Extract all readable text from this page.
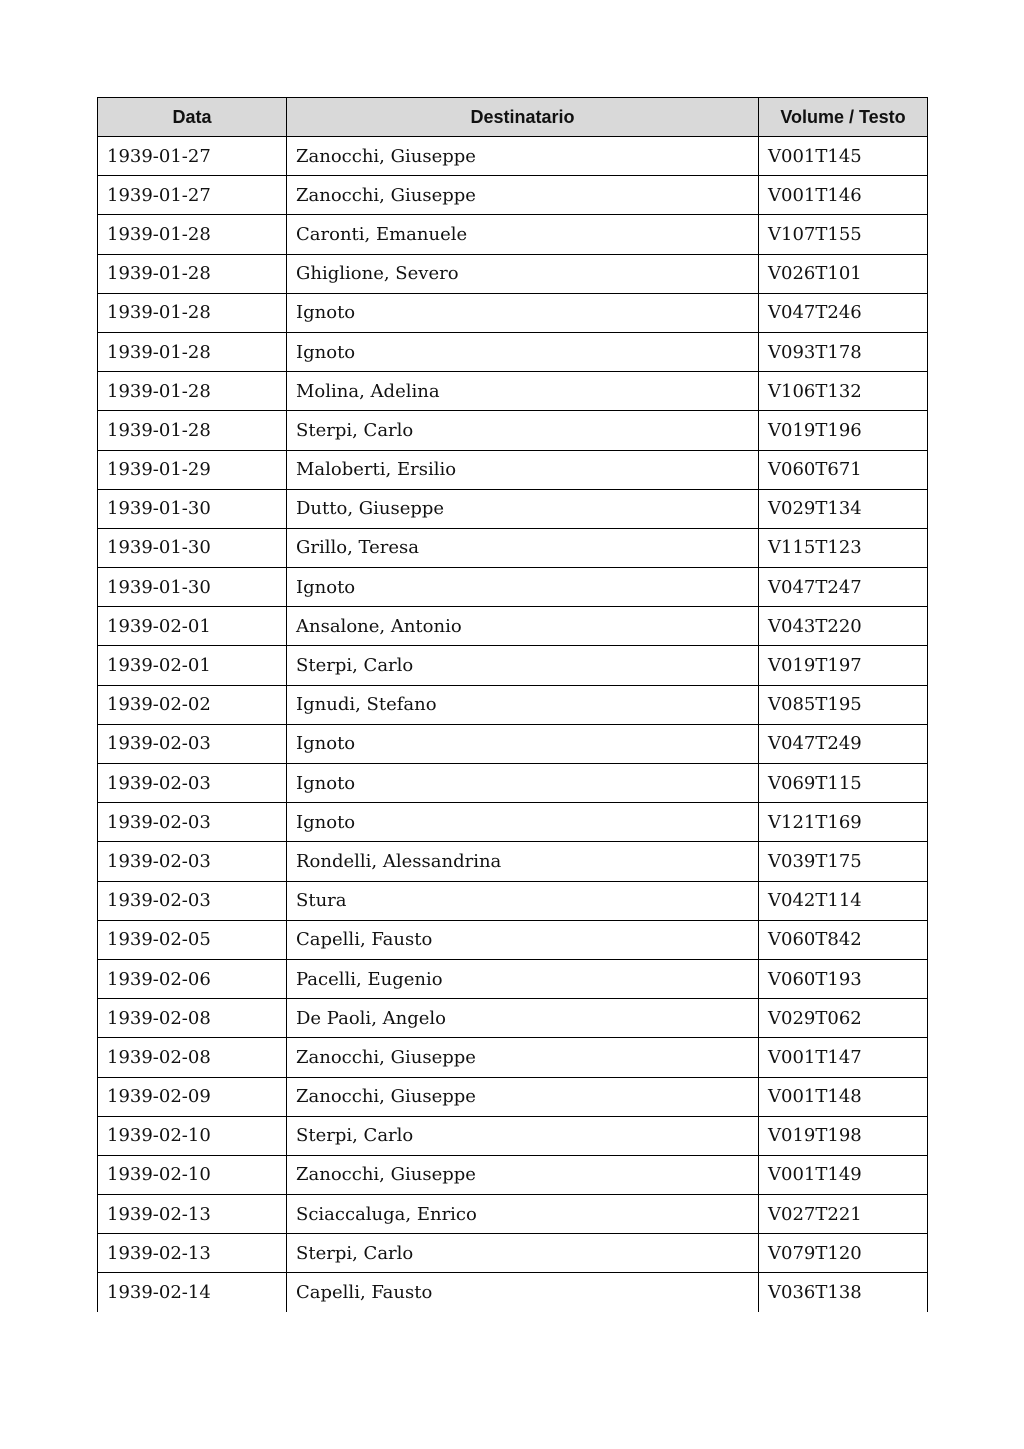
Data	Destinatario	Volume / Testo
1939-01-27	Zanocchi, Giuseppe	V001T145
1939-01-27	Zanocchi, Giuseppe	V001T146
1939-01-28	Caronti, Emanuele	V107T155
1939-01-28	Ghiglione, Severo	V026T101
1939-01-28	Ignoto	V047T246
1939-01-28	Ignoto	V093T178
1939-01-28	Molina, Adelina	V106T132
1939-01-28	Sterpi, Carlo	V019T196
1939-01-29	Maloberti, Ersilio	V060T671
1939-01-30	Dutto, Giuseppe	V029T134
1939-01-30	Grillo, Teresa	V115T123
1939-01-30	Ignoto	V047T247
1939-02-01	Ansalone, Antonio	V043T220
1939-02-01	Sterpi, Carlo	V019T197
1939-02-02	Ignudi, Stefano	V085T195
1939-02-03	Ignoto	V047T249
1939-02-03	Ignoto	V069T115
1939-02-03	Ignoto	V121T169
1939-02-03	Rondelli, Alessandrina	V039T175
1939-02-03	Stura	V042T114
1939-02-05	Capelli, Fausto	V060T842
1939-02-06	Pacelli, Eugenio	V060T193
1939-02-08	De Paoli, Angelo	V029T062
1939-02-08	Zanocchi, Giuseppe	V001T147
1939-02-09	Zanocchi, Giuseppe	V001T148
1939-02-10	Sterpi, Carlo	V019T198
1939-02-10	Zanocchi, Giuseppe	V001T149
1939-02-13	Sciaccaluga, Enrico	V027T221
1939-02-13	Sterpi, Carlo	V079T120
1939-02-14	Capelli, Fausto	V036T138
